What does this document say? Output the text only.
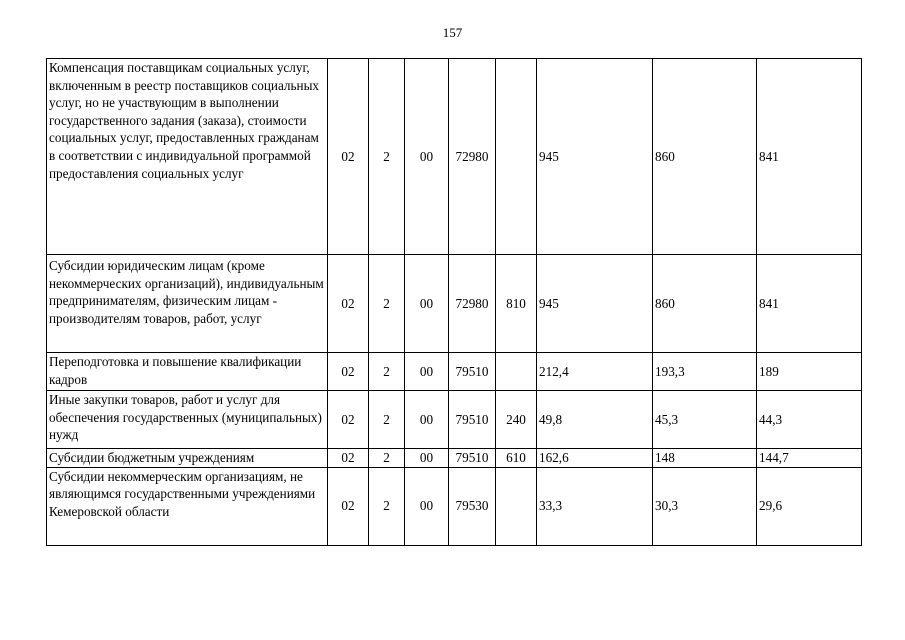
157
Компенсация поставщикам социальных услуг, включенным в реестр поставщиков социальных услуг, но не участвующим в выполнении государственного задания (заказа), стоимости социальных услуг, предоставленных гражданам в соответствии с индивидуальной программой предоставления социальных услуг	02	2	00	72980		945	860	841
Субсидии юридическим лицам (кроме некоммерческих организаций), индивидуальным предпринимателям, физическим лицам - производителям товаров, работ, услуг	02	2	00	72980	810	945	860	841
Переподготовка и повышение квалификации кадров	02	2	00	79510		212,4	193,3	189
Иные закупки товаров, работ и услуг для обеспечения государственных (муниципальных) нужд	02	2	00	79510	240	49,8	45,3	44,3
Субсидии бюджетным учреждениям	02	2	00	79510	610	162,6	148	144,7
Субсидии некоммерческим организациям, не являющимся государственными учреждениями Кемеровской области	02	2	00	79530		33,3	30,3	29,6
